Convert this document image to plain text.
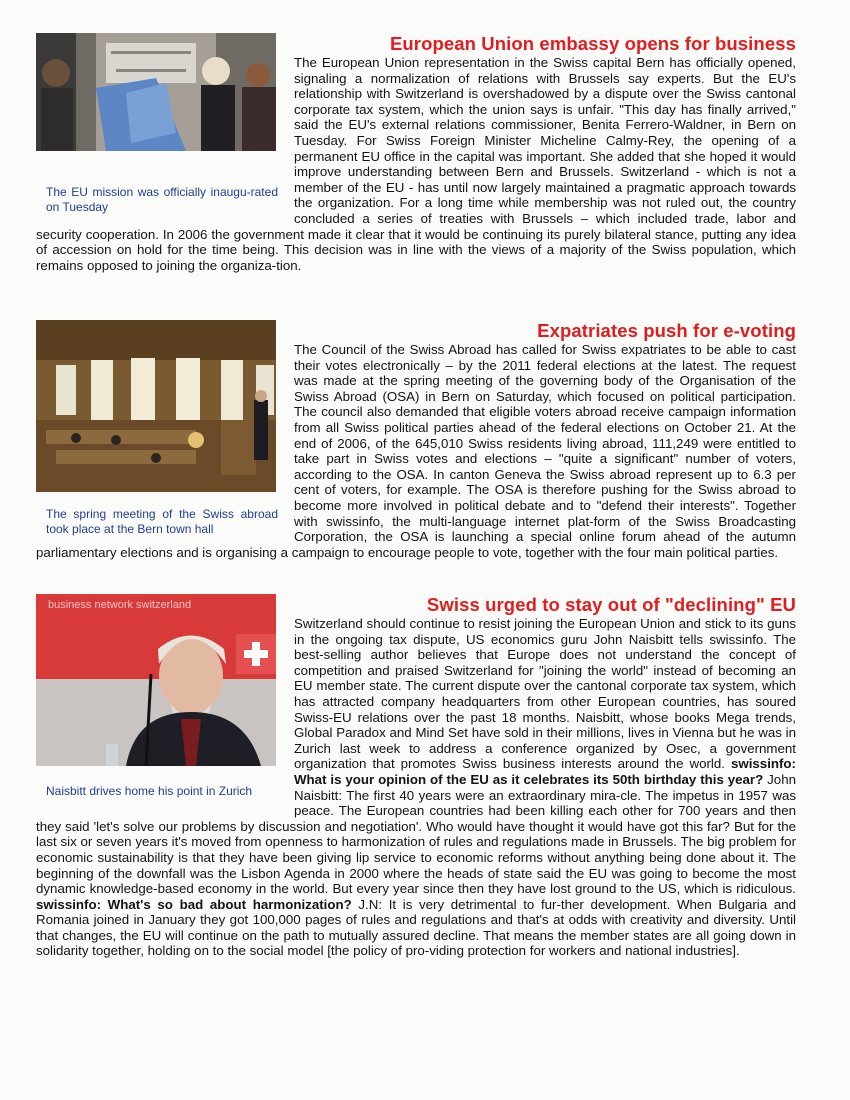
The EU mission was officially inaugu-rated on Tuesday
European Union embassy opens for business

The European Union representation in the Swiss capital Bern has officially opened, signaling a normalization of relations with Brussels say experts. But the EU's relationship with Switzerland is overshadowed by a dispute over the Swiss cantonal corporate tax system, which the union says is unfair. "This day has finally arrived," said the EU's external relations commissioner, Benita Ferrero-Waldner, in Bern on Tuesday. For Swiss Foreign Minister Micheline Calmy-Rey, the opening of a permanent EU office in the capital was important. She added that she hoped it would improve understanding between Bern and Brussels. Switzerland - which is not a member of the EU - has until now largely maintained a pragmatic approach towards the organization. For a long time while membership was not ruled out, the country concluded a series of treaties with Brussels – which included trade, labor and security cooperation. In 2006 the government made it clear that it would be continuing its purely bilateral stance, putting any idea of accession on hold for the time being. This decision was in line with the views of a majority of the Swiss population, which remains opposed to joining the organiza-tion.

The spring meeting of the Swiss abroad took place at the Bern town hall
Expatriates push for e-voting

The Council of the Swiss Abroad has called for Swiss expatriates to be able to cast their votes electronically – by the 2011 federal elections at the latest. The request was made at the spring meeting of the governing body of the Organisation of the Swiss Abroad (OSA) in Bern on Saturday, which focused on political participation. The council also demanded that eligible voters abroad receive campaign information from all Swiss political parties ahead of the federal elections on October 21. At the end of 2006, of the 645,010 Swiss residents living abroad, 111,249 were entitled to take part in Swiss votes and elections – "quite a significant" number of voters, according to the OSA. In canton Geneva the Swiss abroad represent up to 6.3 per cent of voters, for example. The OSA is therefore pushing for the Swiss abroad to become more involved in political debate and to "defend their interests". Together with swissinfo, the multi-language internet plat-form of the Swiss Broadcasting Corporation, the OSA is launching a special online forum ahead of the autumn parliamentary elections and is organising a campaign to encourage people to vote, together with the four main political parties.

business network switzerland
Naisbitt drives home his point in Zurich
Swiss urged to stay out of "declining" EU

Switzerland should continue to resist joining the European Union and stick to its guns in the ongoing tax dispute, US economics guru John Naisbitt tells swissinfo. The best-selling author believes that Europe does not understand the concept of competition and praised Switzerland for "joining the world" instead of becoming an EU member state. The current dispute over the cantonal corporate tax system, which has attracted company headquarters from other European countries, has soured Swiss-EU relations over the past 18 months. Naisbitt, whose books Mega trends, Global Paradox and Mind Set have sold in their millions, lives in Vienna but he was in Zurich last week to address a conference organized by Osec, a government organization that promotes Swiss business interests around the world. swissinfo: What is your opinion of the EU as it celebrates its 50th birthday this year? John Naisbitt: The first 40 years were an extraordinary mira-cle. The impetus in 1957 was peace. The European countries had been killing each other for 700 years and then they said 'let's solve our problems by discussion and negotiation'. Who would have thought it would have got this far? But for the last six or seven years it's moved from openness to harmonization of rules and regulations made in Brussels. The big problem for economic sustainability is that they have been giving lip service to economic reforms without anything being done about it. The beginning of the downfall was the Lisbon Agenda in 2000 where the heads of state said the EU was going to become the most dynamic knowledge-based economy in the world. But every year since then they have lost ground to the US, which is ridiculous. swissinfo: What's so bad about harmonization? J.N: It is very detrimental to fur-ther development. When Bulgaria and Romania joined in January they got 100,000 pages of rules and regulations and that's at odds with creativity and diversity. Until that changes, the EU will continue on the path to mutually assured decline. That means the member states are all going down in solidarity together, holding on to the social model [the policy of pro-viding protection for workers and national industries].
